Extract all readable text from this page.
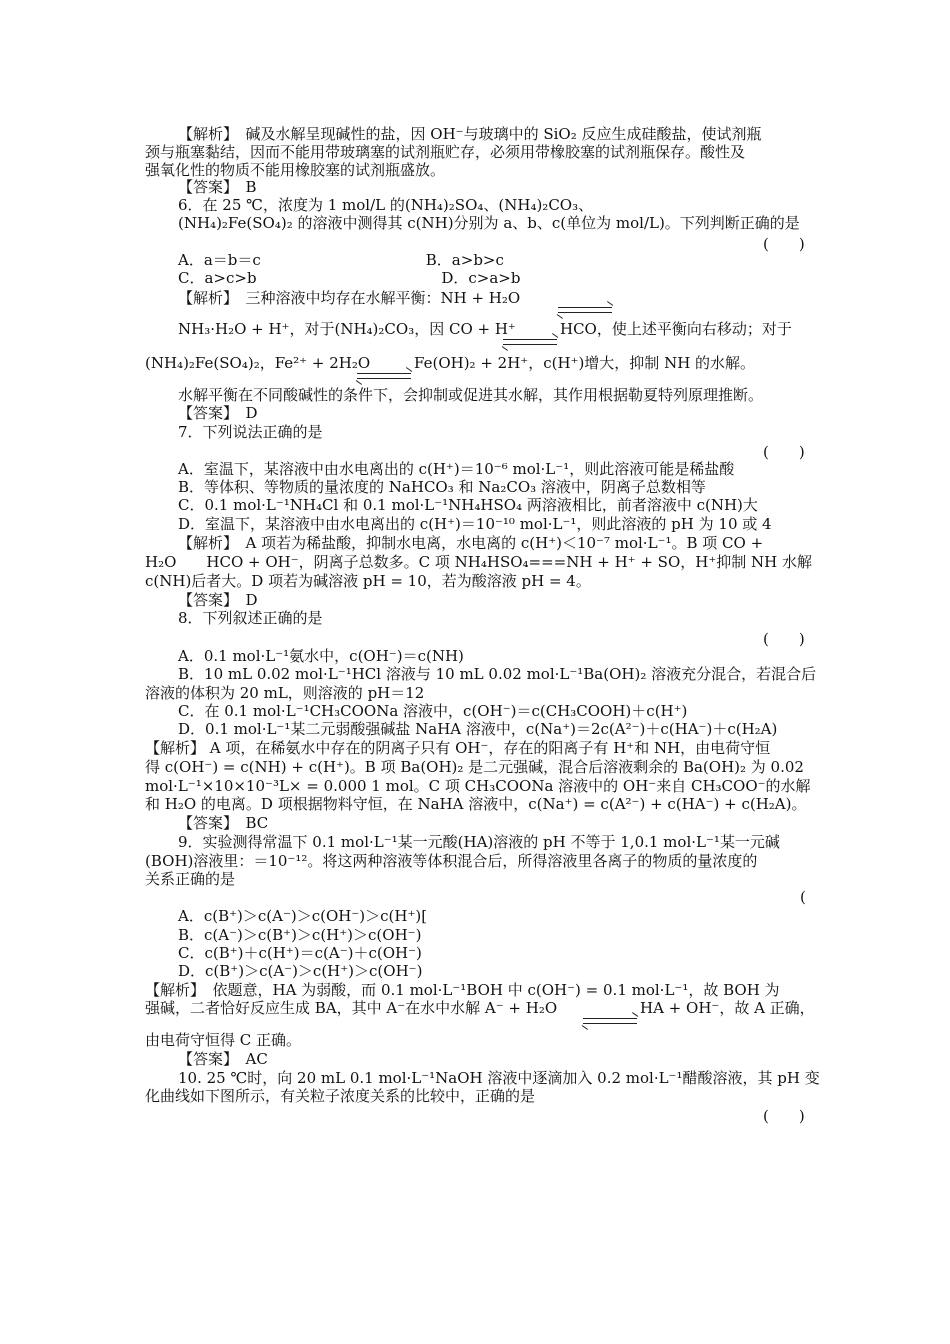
【解析】　碱及水解呈现碱性的盐，因 OH⁻与玻璃中的 SiO₂ 反应生成硅酸盐，使试剂瓶
颈与瓶塞黏结，因而不能用带玻璃塞的试剂瓶贮存，必须用带橡胶塞的试剂瓶保存。酸性及
强氧化性的物质不能用橡胶塞的试剂瓶盛放。
【答案】　B
6．在 25 ℃，浓度为 1 mol/L 的(NH₄)₂SO₄、(NH₄)₂CO₃、
(NH₄)₂Fe(SO₄)₂ 的溶液中测得其 c(NH)分别为 a、b、c(单位为 mol/L)。下列判断正确的是
A．a＝b＝c　　　　　　　　　　　B．a>b>c
C．a>c>b　　　　　　　　　　　　 D．c>a>b
【解析】　三种溶液中均存在水解平衡：NH + H₂O
NH₃·H₂O + H⁺，对于(NH₄)₂CO₃，因 CO + H⁺	HCO，使上述平衡向右移动；对于
(NH₄)₂Fe(SO₄)₂，Fe²⁺ + 2H₂O	Fe(OH)₂ + 2H⁺，c(H⁺)增大，抑制 NH 的水解。
水解平衡在不同酸碱性的条件下，会抑制或促进其水解，其作用根据勒夏特列原理推断。
【答案】　D
7．下列说法正确的是
A．室温下，某溶液中由水电离出的 c(H⁺)＝10⁻⁶ mol·L⁻¹，则此溶液可能是稀盐酸
B．等体积、等物质的量浓度的 NaHCO₃ 和 Na₂CO₃ 溶液中，阴离子总数相等
C．0.1 mol·L⁻¹NH₄Cl 和 0.1 mol·L⁻¹NH₄HSO₄ 两溶液相比，前者溶液中 c(NH)大
D．室温下，某溶液中由水电离出的 c(H⁺)＝10⁻¹⁰ mol·L⁻¹，则此溶液的 pH 为 10 或 4
【解析】　A 项若为稀盐酸，抑制水电离，水电离的 c(H⁺)＜10⁻⁷ mol·L⁻¹。B 项 CO +
H₂O　　HCO + OH⁻，阴离子总数多。C 项 NH₄HSO₄===NH + H⁺ + SO，H⁺抑制 NH 水解
c(NH)后者大。D 项若为碱溶液 pH = 10，若为酸溶液 pH = 4。
【答案】　D
8．下列叙述正确的是
A．0.1 mol·L⁻¹氨水中，c(OH⁻)＝c(NH)
B．10 mL 0.02 mol·L⁻¹HCl 溶液与 10 mL 0.02 mol·L⁻¹Ba(OH)₂ 溶液充分混合，若混合后
溶液的体积为 20 mL，则溶液的 pH＝12
C．在 0.1 mol·L⁻¹CH₃COONa 溶液中，c(OH⁻)＝c(CH₃COOH)＋c(H⁺)
D．0.1 mol·L⁻¹某二元弱酸强碱盐 NaHA 溶液中，c(Na⁺)＝2c(A²⁻)＋c(HA⁻)＋c(H₂A)
【解析】 A 项，在稀氨水中存在的阴离子只有 OH⁻，存在的阳离子有 H⁺和 NH，由电荷守恒
得 c(OH⁻) = c(NH) + c(H⁺)。B 项 Ba(OH)₂ 是二元强碱，混合后溶液剩余的 Ba(OH)₂ 为 0.02
mol·L⁻¹×10×10⁻³L× = 0.000 1 mol。C 项 CH₃COONa 溶液中的 OH⁻来自 CH₃COO⁻的水解
和 H₂O 的电离。D 项根据物料守恒，在 NaHA 溶液中，c(Na⁺) = c(A²⁻) + c(HA⁻) + c(H₂A)。
【答案】　BC
9．实验测得常温下 0.1 mol·L⁻¹某一元酸(HA)溶液的 pH 不等于 1,0.1 mol·L⁻¹某一元碱
(BOH)溶液里：＝10⁻¹²。将这两种溶液等体积混合后，所得溶液里各离子的物质的量浓度的
关系正确的是
A．c(B⁺)＞c(A⁻)＞c(OH⁻)＞c(H⁺)[
B．c(A⁻)＞c(B⁺)＞c(H⁺)＞c(OH⁻)
C．c(B⁺)＋c(H⁺)＝c(A⁻)＋c(OH⁻)
D．c(B⁺)＞c(A⁻)＞c(H⁺)＞c(OH⁻)
【解析】　依题意，HA 为弱酸，而 0.1 mol·L⁻¹BOH 中 c(OH⁻) = 0.1 mol·L⁻¹，故 BOH 为
强碱，二者恰好反应生成 BA，其中 A⁻在水中水解 A⁻ + H₂O	HA + OH⁻，故 A 正确，
由电荷守恒得 C 正确。
【答案】　AC
10. 25 ℃时，向 20 mL 0.1 mol·L⁻¹NaOH 溶液中逐滴加入 0.2 mol·L⁻¹醋酸溶液，其 pH 变
化曲线如下图所示，有关粒子浓度关系的比较中，正确的是
(　　)
(　　)
(　　)
(
(　　)
